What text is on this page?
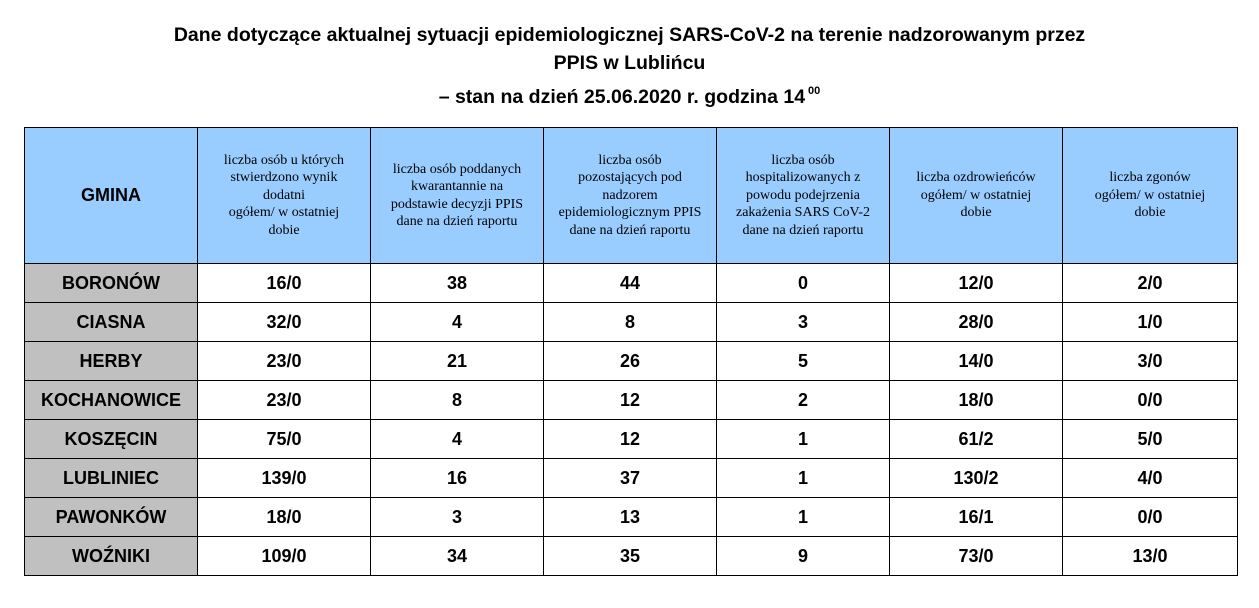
Dane dotyczące aktualnej sytuacji epidemiologicznej SARS-CoV-2 na terenie nadzorowanym przez
PPIS w Lublińcu
– stan na dzień 25.06.2020 r. godzina 14 $^{00}$
GMINA	liczba osób u których
stwierdzono wynik
dodatni
ogółem/ w ostatniej
dobie	liczba osób poddanych
kwarantannie na
podstawie decyzji PPIS
dane na dzień raportu	liczba osób
pozostających pod
nadzorem
epidemiologicznym PPIS
dane na dzień raportu	liczba osób
hospitalizowanych z
powodu podejrzenia
zakażenia SARS CoV-2
dane na dzień raportu	liczba ozdrowieńców
ogółem/ w ostatniej
dobie	liczba zgonów
ogółem/ w ostatniej
dobie
BORONÓW	16/0	38	44	0	12/0	2/0
CIASNA	32/0	4	8	3	28/0	1/0
HERBY	23/0	21	26	5	14/0	3/0
KOCHANOWICE	23/0	8	12	2	18/0	0/0
KOSZĘCIN	75/0	4	12	1	61/2	5/0
LUBLINIEC	139/0	16	37	1	130/2	4/0
PAWONKÓW	18/0	3	13	1	16/1	0/0
WOŹNIKI	109/0	34	35	9	73/0	13/0
